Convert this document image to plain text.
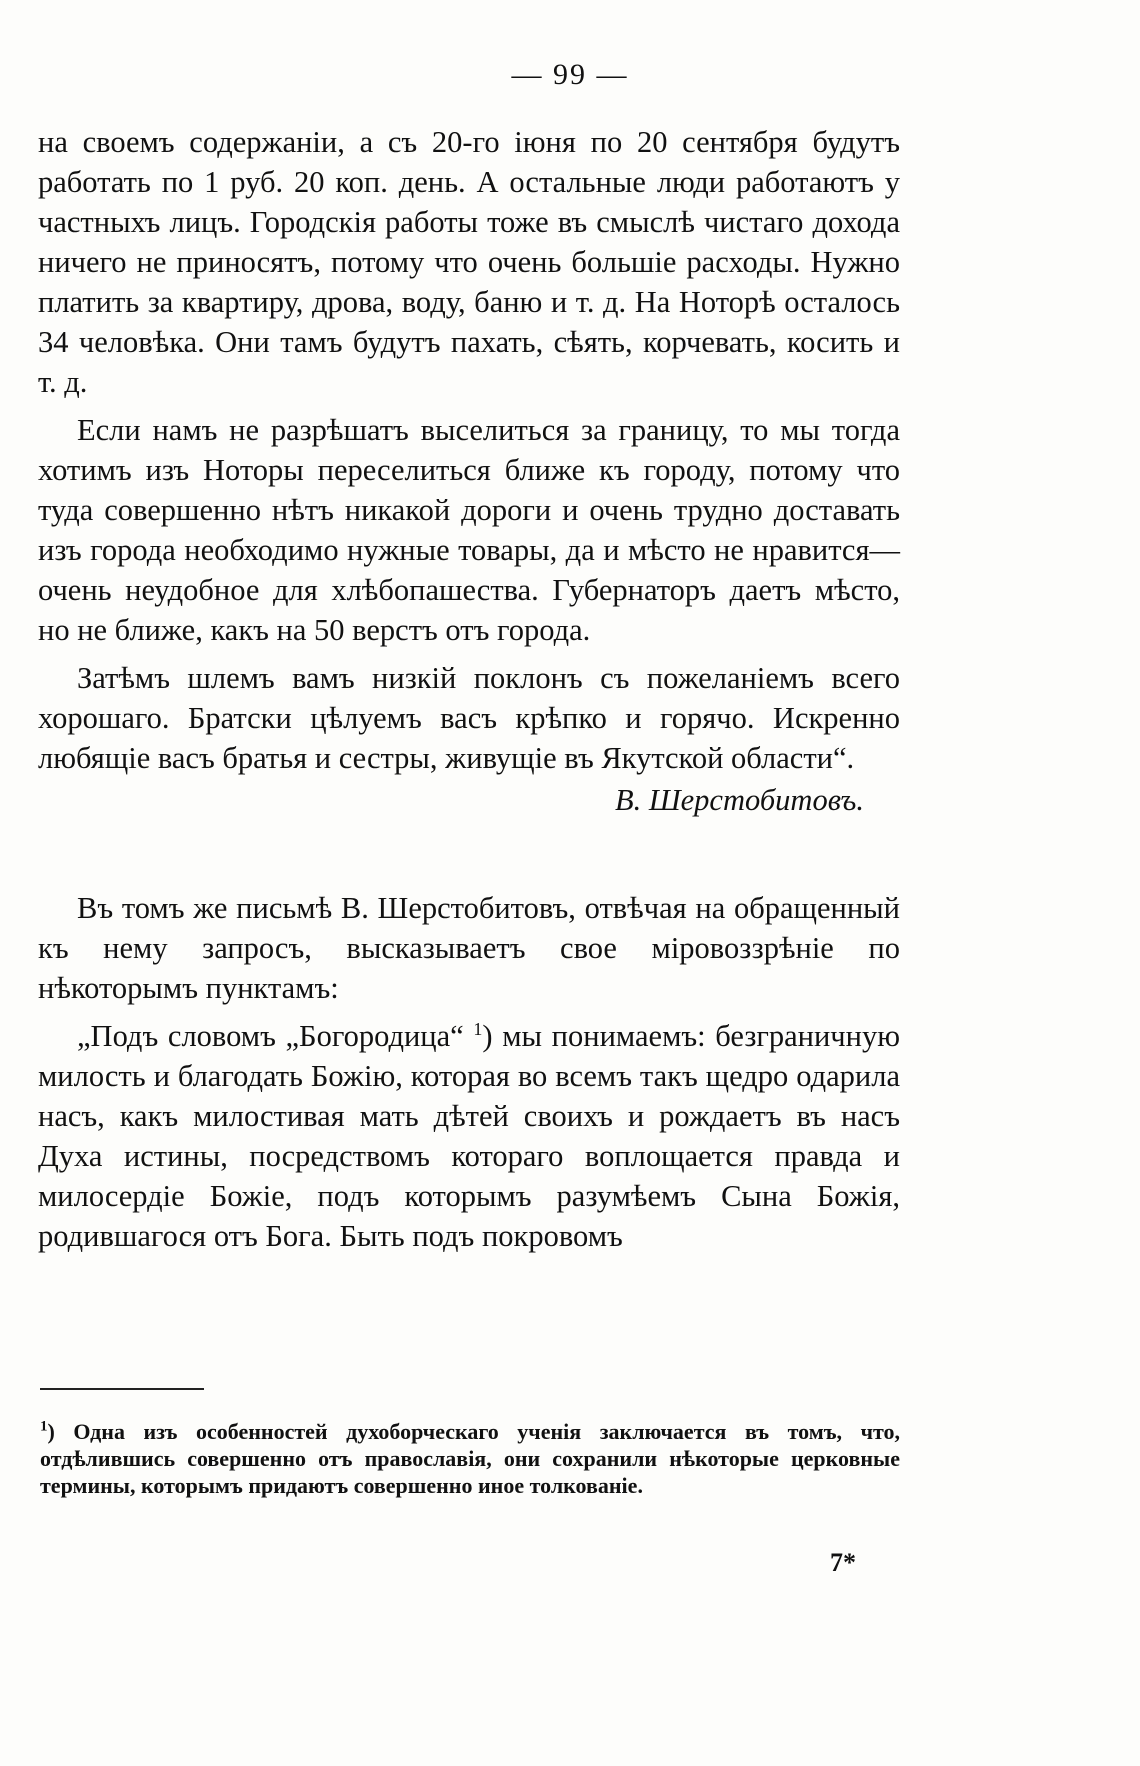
— 99 —

на своемъ содержаніи, а съ 20-го іюня по 20 сентября будутъ работать по 1 руб. 20 коп. день. А остальные люди работаютъ у частныхъ лицъ. Городскія работы тоже въ смыслѣ чистаго дохода ничего не приносятъ, потому что очень большіе расходы. Нужно платить за квартиру, дрова, воду, баню и т. д. На Ноторѣ осталось 34 человѣка. Они тамъ будутъ пахать, сѣять, корчевать, косить и т. д.

Если намъ не разрѣшатъ выселиться за границу, то мы тогда хотимъ изъ Ноторы переселиться ближе къ городу, потому что туда совершенно нѣтъ никакой дороги и очень трудно доставать изъ города необходимо нужные товары, да и мѣсто не нравится—очень неудобное для хлѣбопашества. Губернаторъ даетъ мѣсто, но не ближе, какъ на 50 верстъ отъ города.

Затѣмъ шлемъ вамъ низкій поклонъ съ пожеланіемъ всего хорошаго. Братски цѣлуемъ васъ крѣпко и горячо. Искренно любящіе васъ братья и сестры, живущіе въ Якутской области“.

В. Шерстобитовъ.

Въ томъ же письмѣ В. Шерстобитовъ, отвѣчая на обращенный къ нему запросъ, высказываетъ свое міровоззрѣніе по нѣкоторымъ пунктамъ:

„Подъ словомъ „Богородица“ $^1$) мы понимаемъ: безграничную милость и благодать Божію, которая во всемъ такъ щедро одарила насъ, какъ милостивая мать дѣтей своихъ и рождаетъ въ насъ Духа истины, посредствомъ котораго воплощается правда и милосердіе Божіе, подъ которымъ разумѣемъ Сына Божія, родившагося отъ Бога. Быть подъ покровомъ

$^1$) Одна изъ особенностей духоборческаго ученія заключается въ томъ, что, отдѣлившись совершенно отъ православія, они сохранили нѣкоторые церковные термины, которымъ придаютъ совершенно иное толкованіе.
7*
